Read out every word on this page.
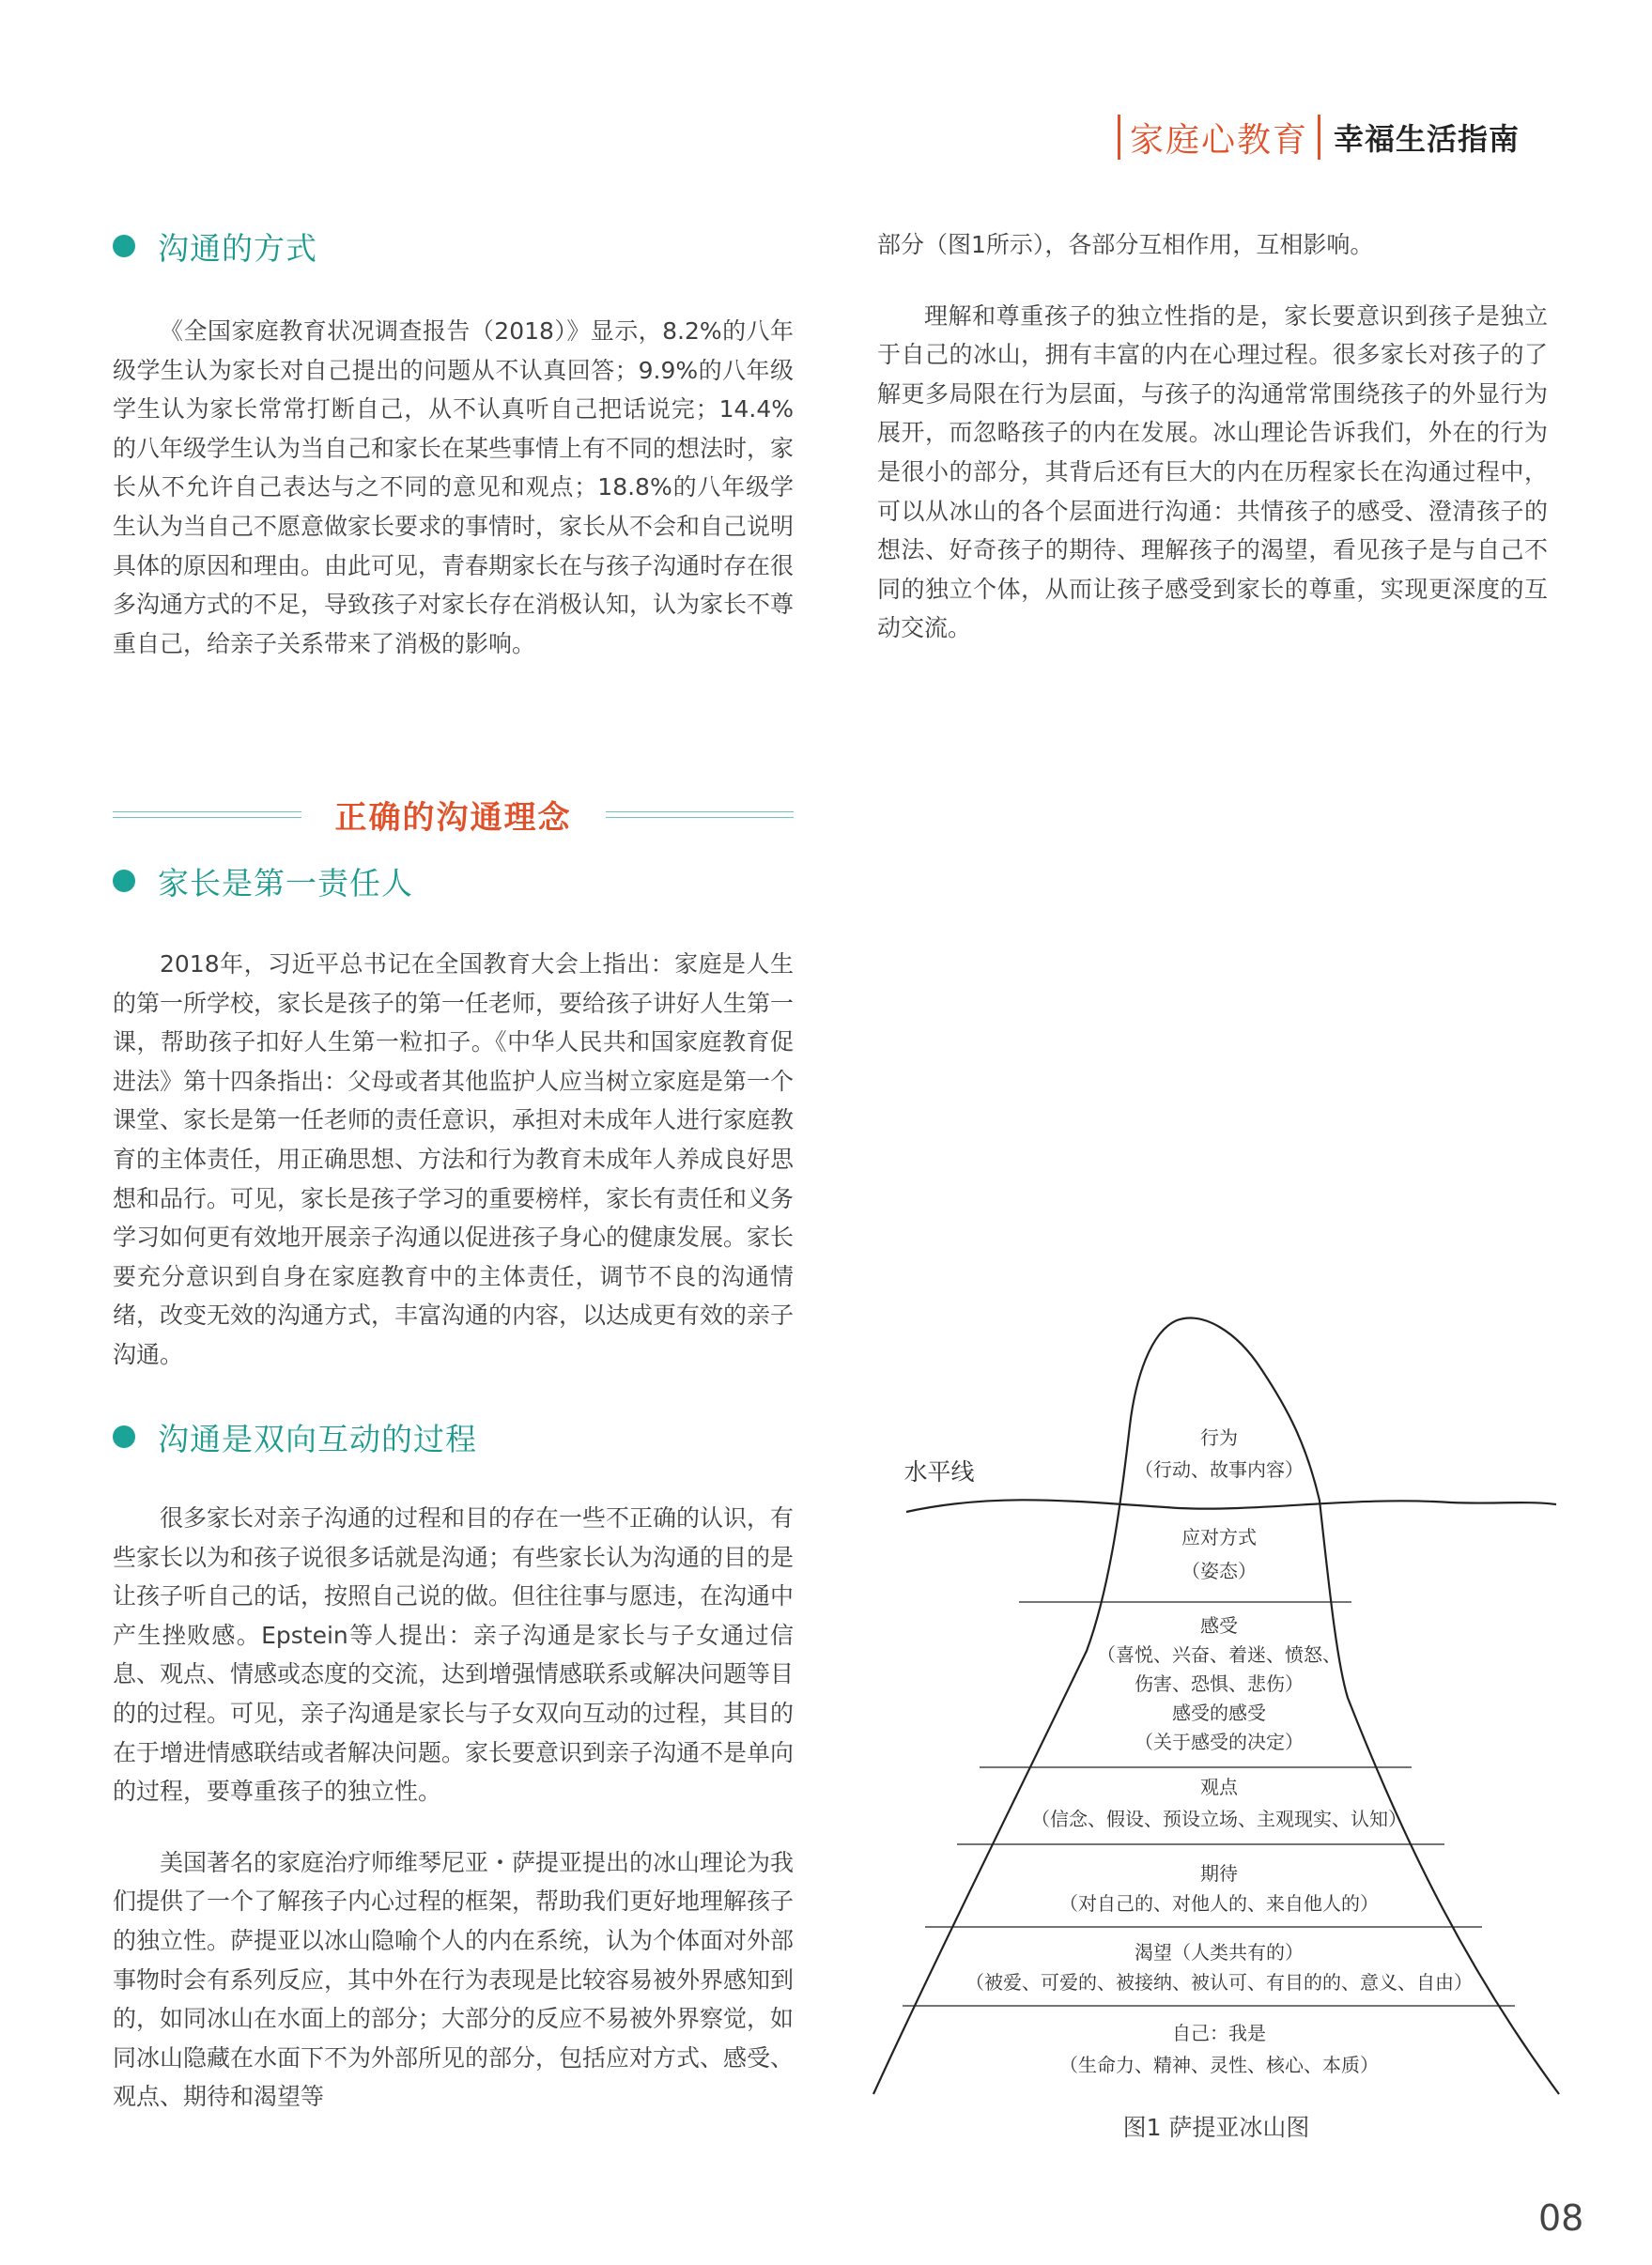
家庭心教育 幸福生活指南
沟通的方式

《全国家庭教育状况调查报告（2018）》显示，8.2%的八年级学生认为家长对自己提出的问题从不认真回答；9.9%的八年级学生认为家长常常打断自己，从不认真听自己把话说完；14.4%的八年级学生认为当自己和家长在某些事情上有不同的想法时，家长从不允许自己表达与之不同的意见和观点；18.8%的八年级学生认为当自己不愿意做家长要求的事情时，家长从不会和自己说明具体的原因和理由。由此可见，青春期家长在与孩子沟通时存在很多沟通方式的不足，导致孩子对家长存在消极认知，认为家长不尊重自己，给亲子关系带来了消极的影响。

正确的沟通理念
家长是第一责任人

2018年，习近平总书记在全国教育大会上指出：家庭是人生的第一所学校，家长是孩子的第一任老师，要给孩子讲好人生第一课，帮助孩子扣好人生第一粒扣子。《中华人民共和国家庭教育促进法》第十四条指出：父母或者其他监护人应当树立家庭是第一个课堂、家长是第一任老师的责任意识，承担对未成年人进行家庭教育的主体责任，用正确思想、方法和行为教育未成年人养成良好思想和品行。可见，家长是孩子学习的重要榜样，家长有责任和义务学习如何更有效地开展亲子沟通以促进孩子身心的健康发展。家长要充分意识到自身在家庭教育中的主体责任，调节不良的沟通情绪，改变无效的沟通方式，丰富沟通的内容，以达成更有效的亲子沟通。

沟通是双向互动的过程

很多家长对亲子沟通的过程和目的存在一些不正确的认识，有些家长以为和孩子说很多话就是沟通；有些家长认为沟通的目的是让孩子听自己的话，按照自己说的做。但往往事与愿违，在沟通中产生挫败感。Epstein等人提出：亲子沟通是家长与子女通过信息、观点、情感或态度的交流，达到增强情感联系或解决问题等目的的过程。可见，亲子沟通是家长与子女双向互动的过程，其目的在于增进情感联结或者解决问题。家长要意识到亲子沟通不是单向的过程，要尊重孩子的独立性。

美国著名的家庭治疗师维琴尼亚・萨提亚提出的冰山理论为我们提供了一个了解孩子内心过程的框架，帮助我们更好地理解孩子的独立性。萨提亚以冰山隐喻个人的内在系统，认为个体面对外部事物时会有系列反应，其中外在行为表现是比较容易被外界感知到的，如同冰山在水面上的部分；大部分的反应不易被外界察觉，如同冰山隐藏在水面下不为外部所见的部分，包括应对方式、感受、观点、期待和渴望等

部分（图1所示），各部分互相作用，互相影响。

理解和尊重孩子的独立性指的是，家长要意识到孩子是独立于自己的冰山，拥有丰富的内在心理过程。很多家长对孩子的了解更多局限在行为层面，与孩子的沟通常常围绕孩子的外显行为展开，而忽略孩子的内在发展。冰山理论告诉我们，外在的行为是很小的部分，其背后还有巨大的内在历程家长在沟通过程中，可以从冰山的各个层面进行沟通：共情孩子的感受、澄清孩子的想法、好奇孩子的期待、理解孩子的渴望，看见孩子是与自己不同的独立个体，从而让孩子感受到家长的尊重，实现更深度的互动交流。

水平线
行为
（行动、故事内容）
应对方式
（姿态）
感受
（喜悦、兴奋、着迷、愤怒、
伤害、恐惧、悲伤）
感受的感受
（关于感受的决定）
观点
（信念、假设、预设立场、主观现实、认知）
期待
（对自己的、对他人的、来自他人的）
渴望（人类共有的）
（被爱、可爱的、被接纳、被认可、有目的的、意义、自由）
自己：我是
（生命力、精神、灵性、核心、本质）
图1 萨提亚冰山图
08
